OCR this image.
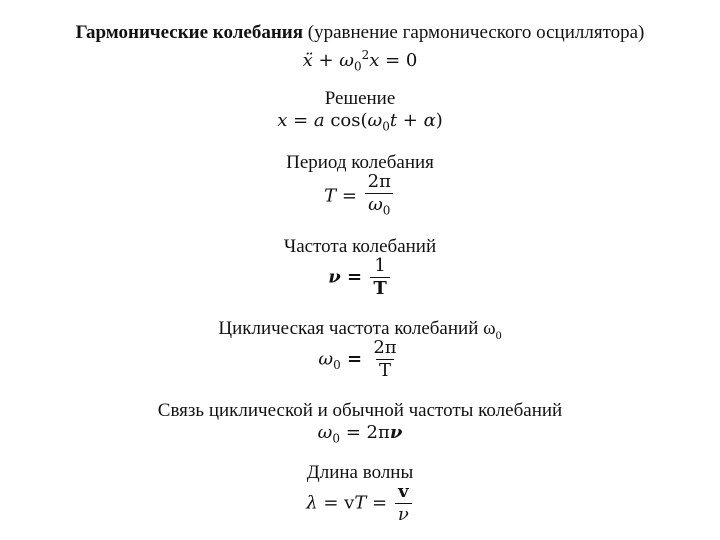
Гармонические колебания (уравнение гармонического осциллятора)
ẍ + $\omega_0^2x = 0$
Решение
x = a $\cos(\omega_0t + \alpha)$
Период колебания
$T = \frac{2\pi}{\omega_0}$
Частота колебаний
$\nu = \frac{1}{T}$
Циклическая частота колебаний $\omega_0$
$\omega_0 = \frac{2\pi}{T}$
Связь циклической и обычной частоты колебаний
$\omega_0 = 2\pi\nu$
Длина волны
λ = vT = $\frac{v}{\nu}$
